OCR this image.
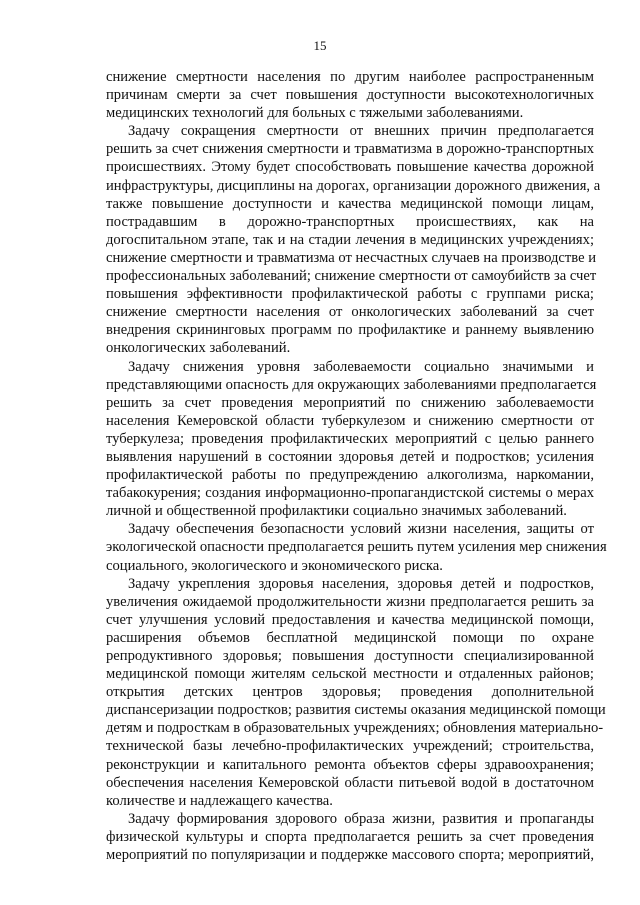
15
снижение смертности населения по другим наиболее распространенным
причинам смерти за счет повышения доступности высокотехнологичных
медицинских технологий для больных с тяжелыми заболеваниями.
Задачу сокращения смертности от внешних причин предполагается
решить за счет снижения смертности и травматизма в дорожно-транспортных
происшествиях. Этому будет способствовать повышение качества дорожной
инфраструктуры, дисциплины на дорогах, организации дорожного движения, а
также повышение доступности и качества медицинской помощи лицам,
пострадавшим в дорожно-транспортных происшествиях, как на
догоспитальном этапе, так и на стадии лечения в медицинских учреждениях;
снижение смертности и травматизма от несчастных случаев на производстве и
профессиональных заболеваний; снижение смертности от самоубийств за счет
повышения эффективности профилактической работы с группами риска;
снижение смертности населения от онкологических заболеваний за счет
внедрения скрининговых программ по профилактике и раннему выявлению
онкологических заболеваний.
Задачу снижения уровня заболеваемости социально значимыми и
представляющими опасность для окружающих заболеваниями предполагается
решить за счет проведения мероприятий по снижению заболеваемости
населения Кемеровской области туберкулезом и снижению смертности от
туберкулеза; проведения профилактических мероприятий с целью раннего
выявления нарушений в состоянии здоровья детей и подростков; усиления
профилактической работы по предупреждению алкоголизма, наркомании,
табакокурения; создания информационно-пропагандистской системы о мерах
личной и общественной профилактики социально значимых заболеваний.
Задачу обеспечения безопасности условий жизни населения, защиты от
экологической опасности предполагается решить путем усиления мер снижения
социального, экологического и экономического риска.
Задачу укрепления здоровья населения, здоровья детей и подростков,
увеличения ожидаемой продолжительности жизни предполагается решить за
счет улучшения условий предоставления и качества медицинской помощи,
расширения объемов бесплатной медицинской помощи по охране
репродуктивного здоровья; повышения доступности специализированной
медицинской помощи жителям сельской местности и отдаленных районов;
открытия детских центров здоровья; проведения дополнительной
диспансеризации подростков; развития системы оказания медицинской помощи
детям и подросткам в образовательных учреждениях; обновления материально-
технической базы лечебно-профилактических учреждений; строительства,
реконструкции и капитального ремонта объектов сферы здравоохранения;
обеспечения населения Кемеровской области питьевой водой в достаточном
количестве и надлежащего качества.
Задачу формирования здорового образа жизни, развития и пропаганды
физической культуры и спорта предполагается решить за счет проведения
мероприятий по популяризации и поддержке массового спорта; мероприятий,
